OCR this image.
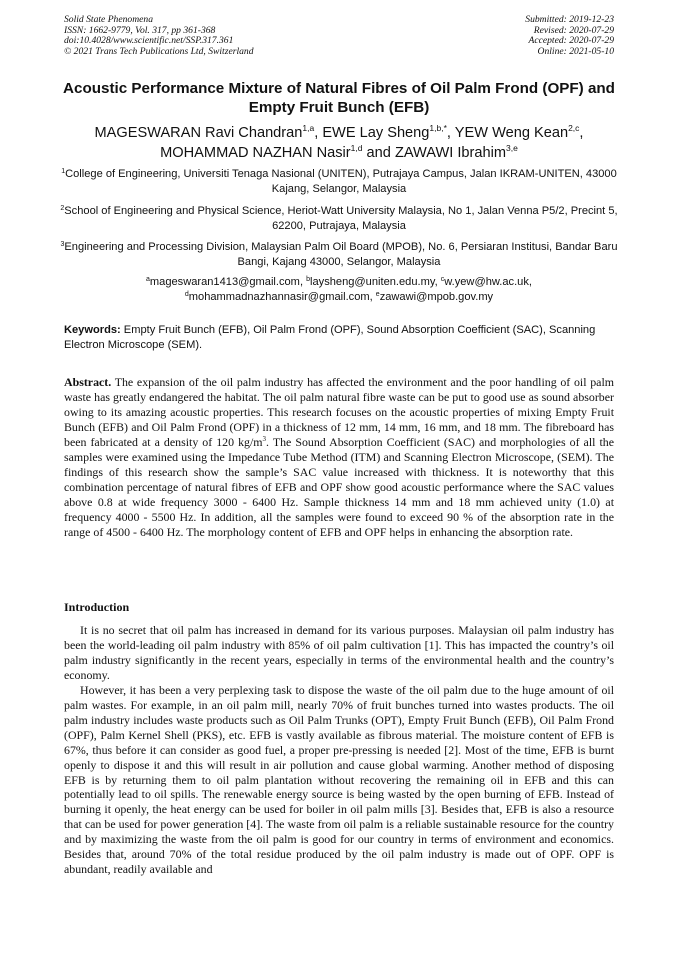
Solid State Phenomena
ISSN: 1662-9779, Vol. 317, pp 361-368
doi:10.4028/www.scientific.net/SSP.317.361
© 2021 Trans Tech Publications Ltd, Switzerland
Submitted: 2019-12-23
Revised: 2020-07-29
Accepted: 2020-07-29
Online: 2021-05-10
Acoustic Performance Mixture of Natural Fibres of Oil Palm Frond (OPF) and Empty Fruit Bunch (EFB)
MAGESWARAN Ravi Chandran$^{1,a}$, EWE Lay Sheng$^{1,b,*}$, YEW Weng Kean$^{2,c}$,
MOHAMMAD NAZHAN Nasir$^{1,d}$ and ZAWAWI Ibrahim$^{3,e}$
$^1$College of Engineering, Universiti Tenaga Nasional (UNITEN), Putrajaya Campus, Jalan IKRAM-UNITEN, 43000 Kajang, Selangor, Malaysia
$^2$School of Engineering and Physical Science, Heriot-Watt University Malaysia, No 1, Jalan Venna P5/2, Precint 5, 62200, Putrajaya, Malaysia
$^3$Engineering and Processing Division, Malaysian Palm Oil Board (MPOB), No. 6, Persiaran Institusi, Bandar Baru Bangi, Kajang 43000, Selangor, Malaysia
$^a$mageswaran1413@gmail.com, $^b$laysheng@uniten.edu.my, $^c$w.yew@hw.ac.uk,
$^d$mohammadnazhannasir@gmail.com, $^e$zawawi@mpob.gov.my
Keywords: Empty Fruit Bunch (EFB), Oil Palm Frond (OPF), Sound Absorption Coefficient (SAC), Scanning Electron Microscope (SEM).
Abstract. The expansion of the oil palm industry has affected the environment and the poor handling of oil palm waste has greatly endangered the habitat. The oil palm natural fibre waste can be put to good use as sound absorber owing to its amazing acoustic properties. This research focuses on the acoustic properties of mixing Empty Fruit Bunch (EFB) and Oil Palm Frond (OPF) in a thickness of 12 mm, 14 mm, 16 mm, and 18 mm. The fibreboard has been fabricated at a density of 120 $kg/m^3$. The Sound Absorption Coefficient (SAC) and morphologies of all the samples were examined using the Impedance Tube Method (ITM) and Scanning Electron Microscope, (SEM). The findings of this research show the sample’s SAC value increased with thickness. It is noteworthy that this combination percentage of natural fibres of EFB and OPF show good acoustic performance where the SAC values above 0.8 at wide frequency 3000 - 6400 Hz. Sample thickness 14 mm and 18 mm achieved unity (1.0) at frequency 4000 - 5500 Hz. In addition, all the samples were found to exceed 90 % of the absorption rate in the range of 4500 - 6400 Hz. The morphology content of EFB and OPF helps in enhancing the absorption rate.
Introduction

It is no secret that oil palm has increased in demand for its various purposes. Malaysian oil palm industry has been the world-leading oil palm industry with 85% of oil palm cultivation [1]. This has impacted the country’s oil palm industry significantly in the recent years, especially in terms of the environmental health and the country’s economy.

However, it has been a very perplexing task to dispose the waste of the oil palm due to the huge amount of oil palm wastes. For example, in an oil palm mill, nearly 70% of fruit bunches turned into wastes products. The oil palm industry includes waste products such as Oil Palm Trunks (OPT), Empty Fruit Bunch (EFB), Oil Palm Frond (OPF), Palm Kernel Shell (PKS), etc. EFB is vastly available as fibrous material. The moisture content of EFB is 67%, thus before it can consider as good fuel, a proper pre-pressing is needed [2]. Most of the time, EFB is burnt openly to dispose it and this will result in air pollution and cause global warming. Another method of disposing EFB is by returning them to oil palm plantation without recovering the remaining oil in EFB and this can potentially lead to oil spills. The renewable energy source is being wasted by the open burning of EFB. Instead of burning it openly, the heat energy can be used for boiler in oil palm mills [3]. Besides that, EFB is also a resource that can be used for power generation [4]. The waste from oil palm is a reliable sustainable resource for the country and by maximizing the waste from the oil palm is good for our country in terms of environment and economics. Besides that, around 70% of the total residue produced by the oil palm industry is made out of OPF. OPF is abundant, readily available and
